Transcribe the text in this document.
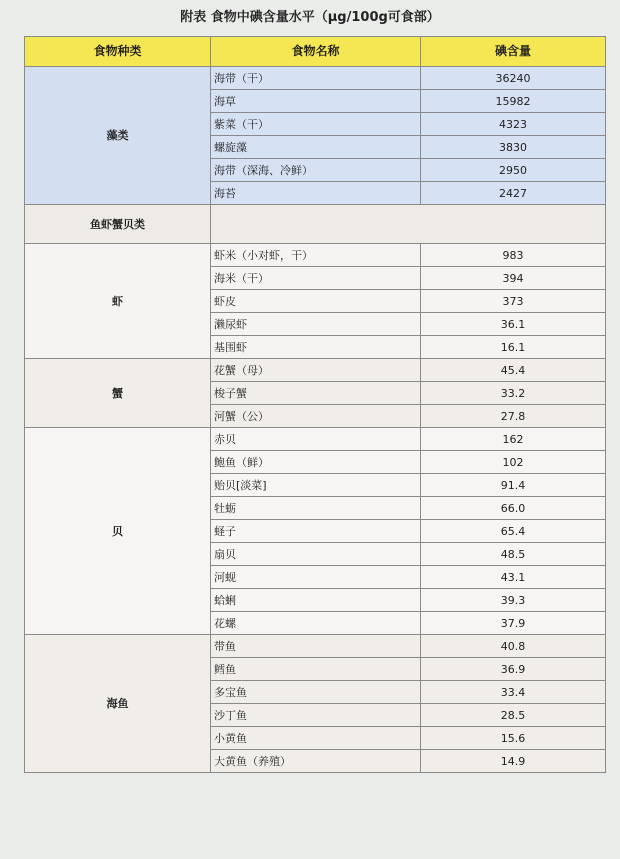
附表 食物中碘含量水平（μg/100g可食部）
食物种类	食物名称	碘含量
藻类	海带（干）	36240
	海草	15982
	紫菜（干）	4323
	螺旋藻	3830
	海带（深海、冷鲜）	2950
	海苔	2427
鱼虾蟹贝类		
虾	虾米（小对虾，干）	983
	海米（干）	394
	虾皮	373
	濑尿虾	36.1
	基围虾	16.1
蟹	花蟹（母）	45.4
	梭子蟹	33.2
	河蟹（公）	27.8
贝	赤贝	162
	鲍鱼（鲜）	102
	贻贝[淡菜]	91.4
	牡蛎	66.0
	蛏子	65.4
	扇贝	48.5
	河蚬	43.1
	蛤蜊	39.3
	花螺	37.9
海鱼	带鱼	40.8
	鳕鱼	36.9
	多宝鱼	33.4
	沙丁鱼	28.5
	小黄鱼	15.6
	大黄鱼（养殖）	14.9
